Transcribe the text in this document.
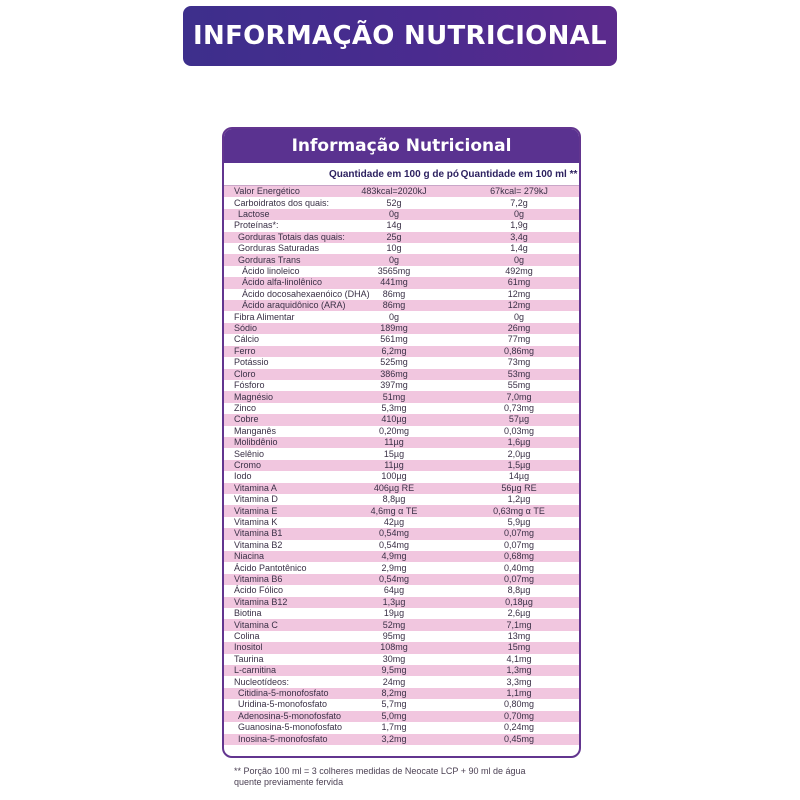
INFORMAÇÃO NUTRICIONAL
Informação Nutricional
Quantidade em 100 g de pó Quantidade em 100 ml **
Valor Energético	483kcal=2020kJ	67kcal= 279kJ
Carboidratos dos quais:	52g	7,2g
Lactose	0g	0g
Proteínas*:	14g	1,9g
Gorduras Totais das quais:	25g	3,4g
Gorduras Saturadas	10g	1,4g
Gorduras Trans	0g	0g
Ácido linoleico	3565mg	492mg
Ácido alfa-linolênico	441mg	61mg
Ácido docosahexaenóico (DHA)	86mg	12mg
Ácido araquidônico (ARA)	86mg	12mg
Fibra Alimentar	0g	0g
Sódio	189mg	26mg
Cálcio	561mg	77mg
Ferro	6,2mg	0,86mg
Potássio	525mg	73mg
Cloro	386mg	53mg
Fósforo	397mg	55mg
Magnésio	51mg	7,0mg
Zinco	5,3mg	0,73mg
Cobre	410µg	57µg
Manganês	0,20mg	0,03mg
Molibdênio	11µg	1,6µg
Selênio	15µg	2,0µg
Cromo	11µg	1,5µg
Iodo	100µg	14µg
Vitamina A	406µg RE	56µg RE
Vitamina D	8,8µg	1,2µg
Vitamina E	4,6mg α TE	0,63mg α TE
Vitamina K	42µg	5,9µg
Vitamina B1	0,54mg	0,07mg
Vitamina B2	0,54mg	0,07mg
Niacina	4,9mg	0,68mg
Ácido Pantotênico	2,9mg	0,40mg
Vitamina B6	0,54mg	0,07mg
Ácido Fólico	64µg	8,8µg
Vitamina B12	1,3µg	0,18µg
Biotina	19µg	2,6µg
Vitamina C	52mg	7,1mg
Colina	95mg	13mg
Inositol	108mg	15mg
Taurina	30mg	4,1mg
L-carnitina	9,5mg	1,3mg
Nucleotídeos:	24mg	3,3mg
Citidina-5-monofosfato	8,2mg	1,1mg
Uridina-5-monofosfato	5,7mg	0,80mg
Adenosina-5-monofosfato	5,0mg	0,70mg
Guanosina-5-monofosfato	1,7mg	0,24mg
Inosina-5-monofosfato	3,2mg	0,45mg
** Porção 100 ml = 3 colheres medidas de Neocate LCP + 90 ml de água
quente previamente fervida
